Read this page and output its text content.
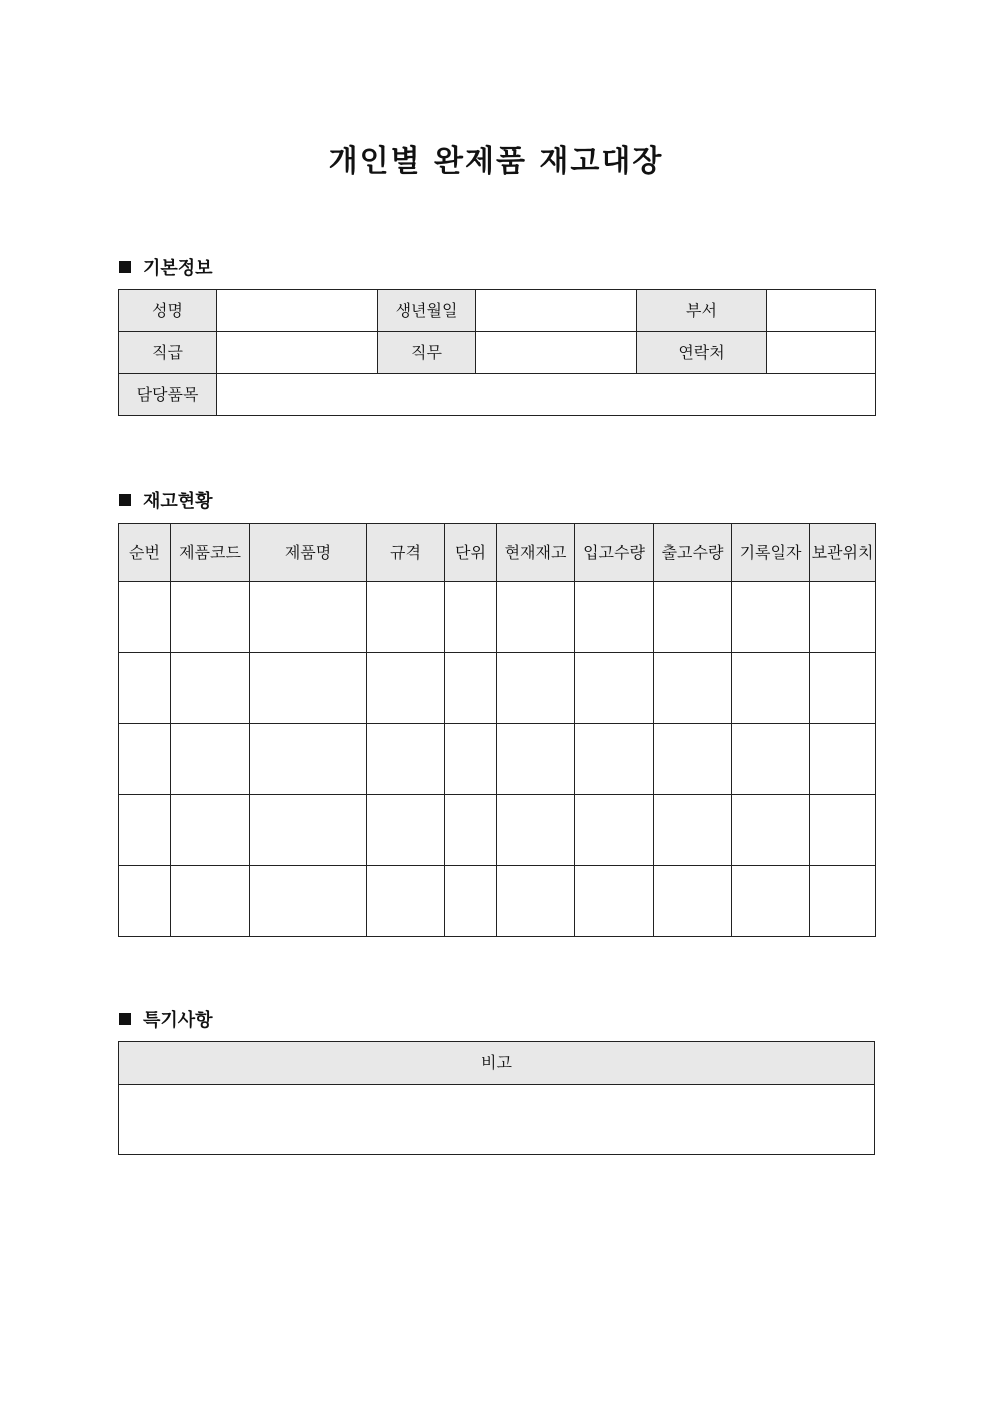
개인별 완제품 재고대장
기본정보
성명		생년월일		부서	
직급		직무		연락처	
담당품목					
재고현황
순번	제품코드	제품명	규격	단위	현재재고	입고수량	출고수량	기록일자	보관위치

특기사항
비고
